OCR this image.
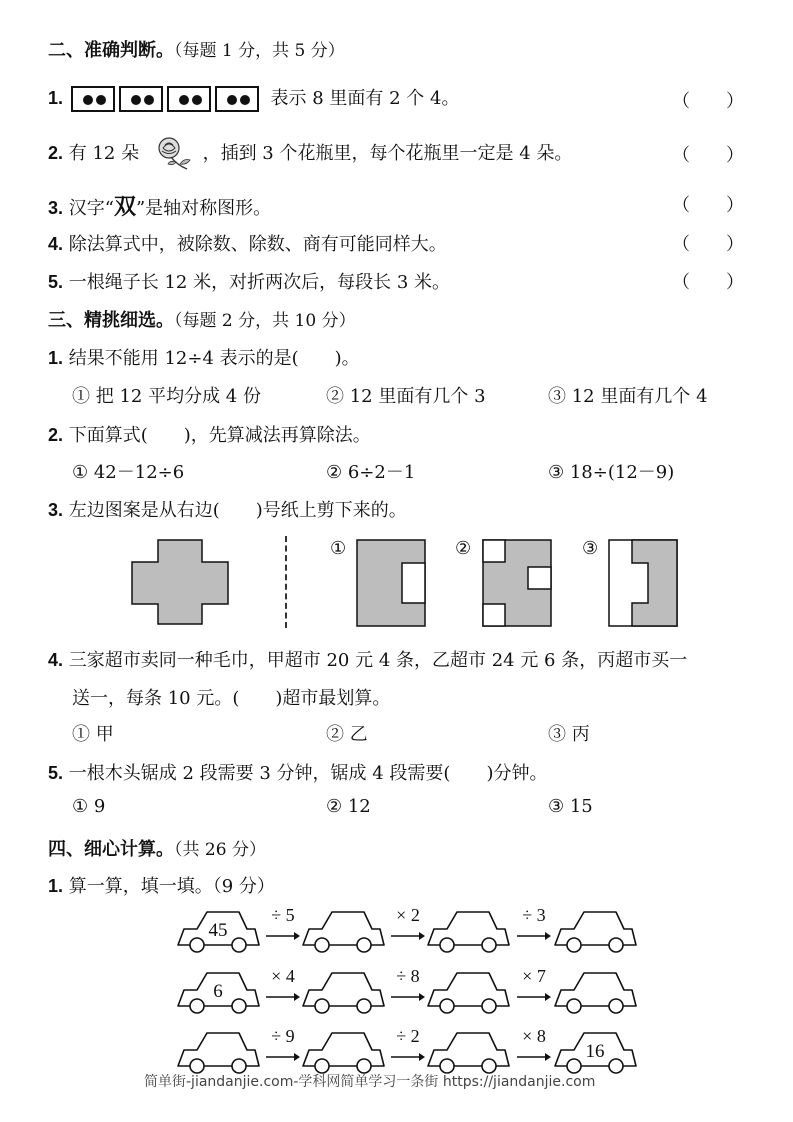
二、准确判断。（每题 1 分，共 5 分）
1.	表示 8 里面有 2 个 4。	（　　）
2. 有 12 朵	，插到 3 个花瓶里，每个花瓶里一定是 4 朵。	（　　）
3. 汉字“双”是轴对称图形。	（　　）
4. 除法算式中，被除数、除数、商有可能同样大。	（　　）
5. 一根绳子长 12 米，对折两次后，每段长 3 米。	（　　）
三、精挑细选。（每题 2 分，共 10 分）
1. 结果不能用 12÷4 表示的是(　　)。
① 把 12 平均分成 4 份	② 12 里面有几个 3	③ 12 里面有几个 4
2. 下面算式(　　)，先算减法再算除法。
① 42－12÷6	② 6÷2－1	③ 18÷(12－9)
3. 左边图案是从右边(　　)号纸上剪下来的。
①	②	③
4. 三家超市卖同一种毛巾，甲超市 20 元 4 条，乙超市 24 元 6 条，丙超市买一
送一，每条 10 元。(　　)超市最划算。
① 甲	② 乙	③ 丙
5. 一根木头锯成 2 段需要 3 分钟，锯成 4 段需要(　　)分钟。
① 9	② 12	③ 15
四、细心计算。（共 26 分）
1. 算一算，填一填。（9 分）
45
÷ 5	× 2	÷ 3
6
× 4	÷ 8	× 7
16
÷ 9	÷ 2	× 8
简单街-jiandanjie.com-学科网简单学习一条街 https://jiandanjie.com
